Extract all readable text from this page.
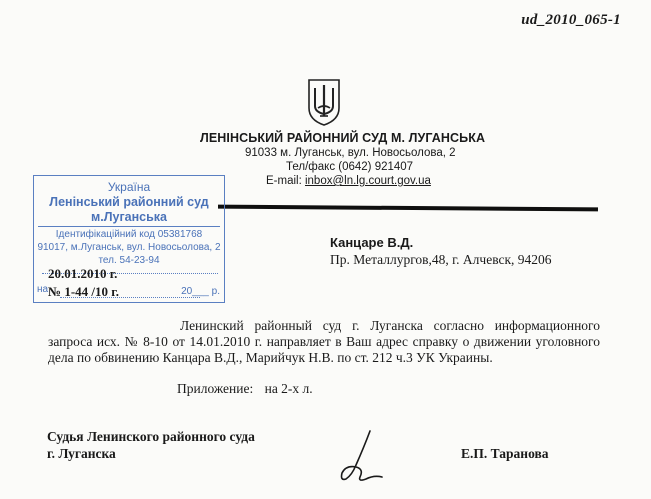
ud_2010_065-1
ЛЕНІНСЬКИЙ РАЙОННИЙ СУД М. ЛУГАНСЬКА
91033 м. Луганськ, вул. Новосьолова, 2
Тел/факс (0642) 921407
E-mail: inbox@ln.lg.court.gov.ua
Україна
Ленінський районний суд
м.Луганська
Ідентифікаційний код 05381768
91017, м.Луганськ, вул. Новосьолова, 2
тел. 54-23-94
на	20___ р.
20.01.2010 г.
№ 1-44 /10 г.
Канцаре В.Д.
Пр. Металлургов,48, г. Алчевск, 94206
Ленинский районный суд г. Луганска согласно информационного запроса исх. № 8-10 от 14.01.2010 г. направляет в Ваш адрес справку о движении уголовного дела по обвинению Канцара В.Д., Марийчук Н.В. по ст. 212 ч.3 УК Украины.
Приложение: на 2-х л.
Судья Ленинского районного суда
г. Луганска	Е.П. Таранова
